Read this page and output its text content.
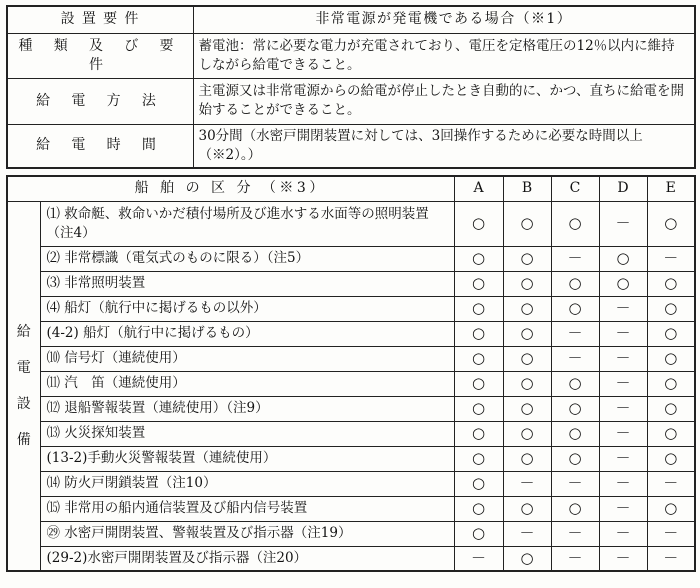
設 置 要 件	非常電源が発電機である場合（※1）
種 類 及 び 要 件	蓄電池：常に必要な電力が充電されており、電圧を定格電圧の12％以内に維持しながら給電できること。
給 電 方 法	主電源又は非常電源からの給電が停止したとき自動的に、かつ、直ちに給電を開始することができること。
給 電 時 間	30分間（水密戸開閉装置に対しては、3回操作するために必要な時間以上（※2）。）
船 舶 の 区 分 （※3）		A	B	C	D	E

給
電
設
備	⑴ 救命艇、救命いかだ積付場所及び進水する水面等の照明装置（注4）	○	○	○	－	○
	⑵ 非常標識（電気式のものに限る）（注5）	○	○	－	○	－
	⑶ 非常照明装置	○	○	○	○	○
	⑷ 船灯（航行中に掲げるもの以外）	○	○	○	－	○
	(4-2) 船灯（航行中に掲げるもの）	○	○	－	－	○
	⑽ 信号灯（連続使用）	○	○	－	－	○
	⑾ 汽　笛（連続使用）	○	○	○	－	○
	⑿ 退船警報装置（連続使用）（注9）	○	○	○	－	○
	⒀ 火災探知装置	○	○	○	－	○
	(13-2)手動火災警報装置（連続使用）	○	○	○	－	○
	⒁ 防火戸閉鎖装置（注10）	○	－	－	－	－
	⒂ 非常用の船内通信装置及び船内信号装置	○	○	○	－	○
	㉙ 水密戸開閉装置、警報装置及び指示器（注19）	○	－	－	－	－
	(29-2)水密戸開閉装置及び指示器（注20）	－	○	－	－	－
